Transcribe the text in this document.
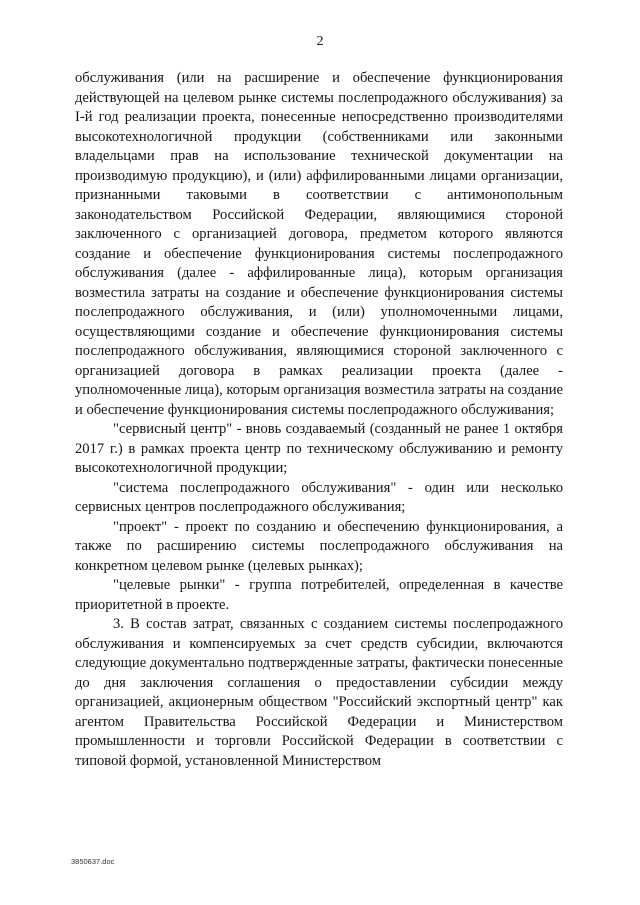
2

обслуживания (или на расширение и обеспечение функционирования действующей на целевом рынке системы послепродажного обслуживания) за I-й год реализации проекта, понесенные непосредственно производителями высокотехнологичной продукции (собственниками или законными владельцами прав на использование технической документации на производимую продукцию), и (или) аффилированными лицами организации, признанными таковыми в соответствии с антимонопольным законодательством Российской Федерации, являющимися стороной заключенного с организацией договора, предметом которого являются создание и обеспечение функционирования системы послепродажного обслуживания (далее - аффилированные лица), которым организация возместила затраты на создание и обеспечение функционирования системы послепродажного обслуживания, и (или) уполномоченными лицами, осуществляющими создание и обеспечение функционирования системы послепродажного обслуживания, являющимися стороной заключенного с организацией договора в рамках реализации проекта (далее - уполномоченные лица), которым организация возместила затраты на создание и обеспечение функционирования системы послепродажного обслуживания;

"сервисный центр" - вновь создаваемый (созданный не ранее 1 октября 2017 г.) в рамках проекта центр по техническому обслуживанию и ремонту высокотехнологичной продукции;

"система послепродажного обслуживания" - один или несколько сервисных центров послепродажного обслуживания;

"проект" - проект по созданию и обеспечению функционирования, а также по расширению системы послепродажного обслуживания на конкретном целевом рынке (целевых рынках);

"целевые рынки" - группа потребителей, определенная в качестве приоритетной в проекте.

3. В состав затрат, связанных с созданием системы послепродажного обслуживания и компенсируемых за счет средств субсидии, включаются следующие документально подтвержденные затраты, фактически понесенные до дня заключения соглашения о предоставлении субсидии между организацией, акционерным обществом "Российский экспортный центр" как агентом Правительства Российской Федерации и Министерством промышленности и торговли Российской Федерации в соответствии с типовой формой, установленной Министерством

3850637.doc
